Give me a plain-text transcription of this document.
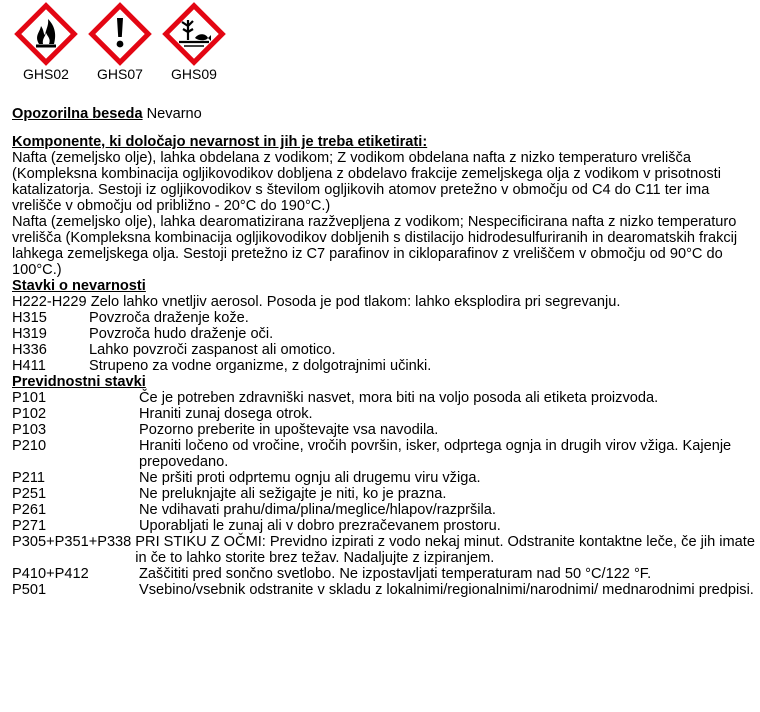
GHS02	GHS07	GHS09

Opozorilna beseda Nevarno

Komponente, ki določajo nevarnost in jih je treba etiketirati:

Nafta (zemeljsko olje), lahka obdelana z vodikom; Z vodikom obdelana nafta z nizko temperaturo vrelišča (Kompleksna kombinacija ogljikovodikov dobljena z obdelavo frakcije zemeljskega olja z vodikom v prisotnosti katalizatorja. Sestoji iz ogljikovodikov s številom ogljikovih atomov pretežno v območju od C4 do C11 ter ima vrelišče v območju od približno - 20°C do 190°C.)

Nafta (zemeljsko olje), lahka dearomatizirana razžveplјena z vodikom; Nespecificirana nafta z nizko temperaturo vrelišča (Kompleksna kombinacija ogljikovodikov dobljenih s distilacijo hidrodesulfuriranih in dearomatskih frakcij lahkega zemeljskega olja. Sestoji pretežno iz C7 parafinov in cikloparafinov z vreliščem v območju od 90°C do 100°C.)

Stavki o nevarnosti

H222-H229 Zelo lahko vnetljiv aerosol. Posoda je pod tlakom: lahko eksplodira pri segrevanju.

H315	Povzroča draženje kože.
H319	Povzroča hudo draženje oči.
H336	Lahko povzroči zaspanost ali omotico.
H411	Strupeno za vodne organizme, z dolgotrajnimi učinki.

Previdnostni stavki

P101	Če je potreben zdravniški nasvet, mora biti na voljo posoda ali etiketa proizvoda.
P102	Hraniti zunaj dosega otrok.
P103	Pozorno preberite in upoštevajte vsa navodila.
P210	Hraniti ločeno od vročine, vročih površin, isker, odprtega ognja in drugih virov vžiga. Kajenje prepovedano.
P211	Ne pršiti proti odprtemu ognju ali drugemu viru vžiga.
P251	Ne preluknjajte ali sežigajte je niti, ko je prazna.
P261	Ne vdihavati prahu/dima/plina/meglice/hlapov/razpršila.
P271	Uporabljati le zunaj ali v dobro prezračevanem prostoru.
P305+P351+P338 PRI STIKU Z OČMI: Previdno izpirati z vodo nekaj minut. Odstranite kontaktne leče, če jih imate in če to lahko storite brez težav. Nadaljujte z izpiranjem.
P410+P412	Zaščititi pred sončno svetlobo. Ne izpostavljati temperaturam nad 50 °C/122 °F.
P501	Vsebino/vsebnik odstranite v skladu z lokalnimi/regionalnimi/narodnimi/ mednarodnimi predpisi.
